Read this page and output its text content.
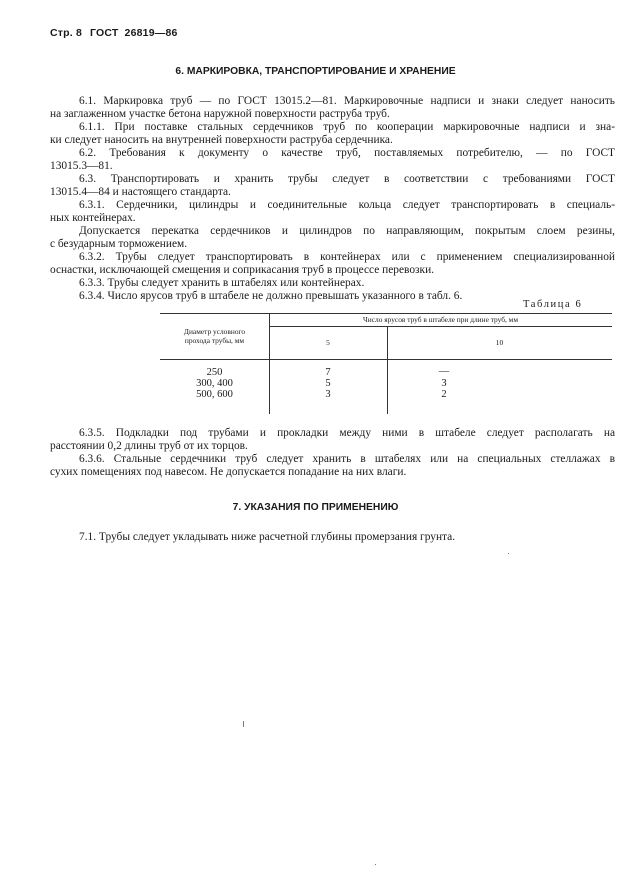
Стр. 8 ГОСТ 26819—86
6. МАРКИРОВКА, ТРАНСПОРТИРОВАНИЕ И ХРАНЕНИЕ
6.1. Маркировка труб — по ГОСТ 13015.2—81. Маркировочные надписи и знаки следует наносить
на заглаженном участке бетона наружной поверхности раструба труб.
6.1.1. При поставке стальных сердечников труб по кооперации маркировочные надписи и зна-
ки следует наносить на внутренней поверхности раструба сердечника.
6.2. Требования к документу о качестве труб, поставляемых потребителю, — по ГОСТ
13015.3—81.
6.3. Транспортировать и хранить трубы следует в соответствии с требованиями ГОСТ
13015.4—84 и настоящего стандарта.
6.3.1. Сердечники, цилиндры и соединительные кольца следует транспортировать в специаль-
ных контейнерах.
Допускается перекатка сердечников и цилиндров по направляющим, покрытым слоем резины,
с безударным торможением.
6.3.2. Трубы следует транспортировать в контейнерах или с применением специализированной
оснастки, исключающей смещения и соприкасания труб в процессе перевозки.
6.3.3. Трубы следует хранить в штабелях или контейнерах.
6.3.4. Число ярусов труб в штабеле не должно превышать указанного в табл. 6.
Таблица 6
Диаметр условного
прохода трубы, мм
Число ярусов труб в штабеле при длине труб, мм
5	10
250
300, 400
500, 600
7
5
3
—
3
2
6.3.5. Подкладки под трубами и прокладки между ними в штабеле следует располагать на
расстоянии 0,2 длины труб от их торцов.
6.3.6. Стальные сердечники труб следует хранить в штабелях или на специальных стеллажах в
сухих помещениях под навесом. Не допускается попадание на них влаги.
7. УКАЗАНИЯ ПО ПРИМЕНЕНИЮ
7.1. Трубы следует укладывать ниже расчетной глубины промерзания грунта.
